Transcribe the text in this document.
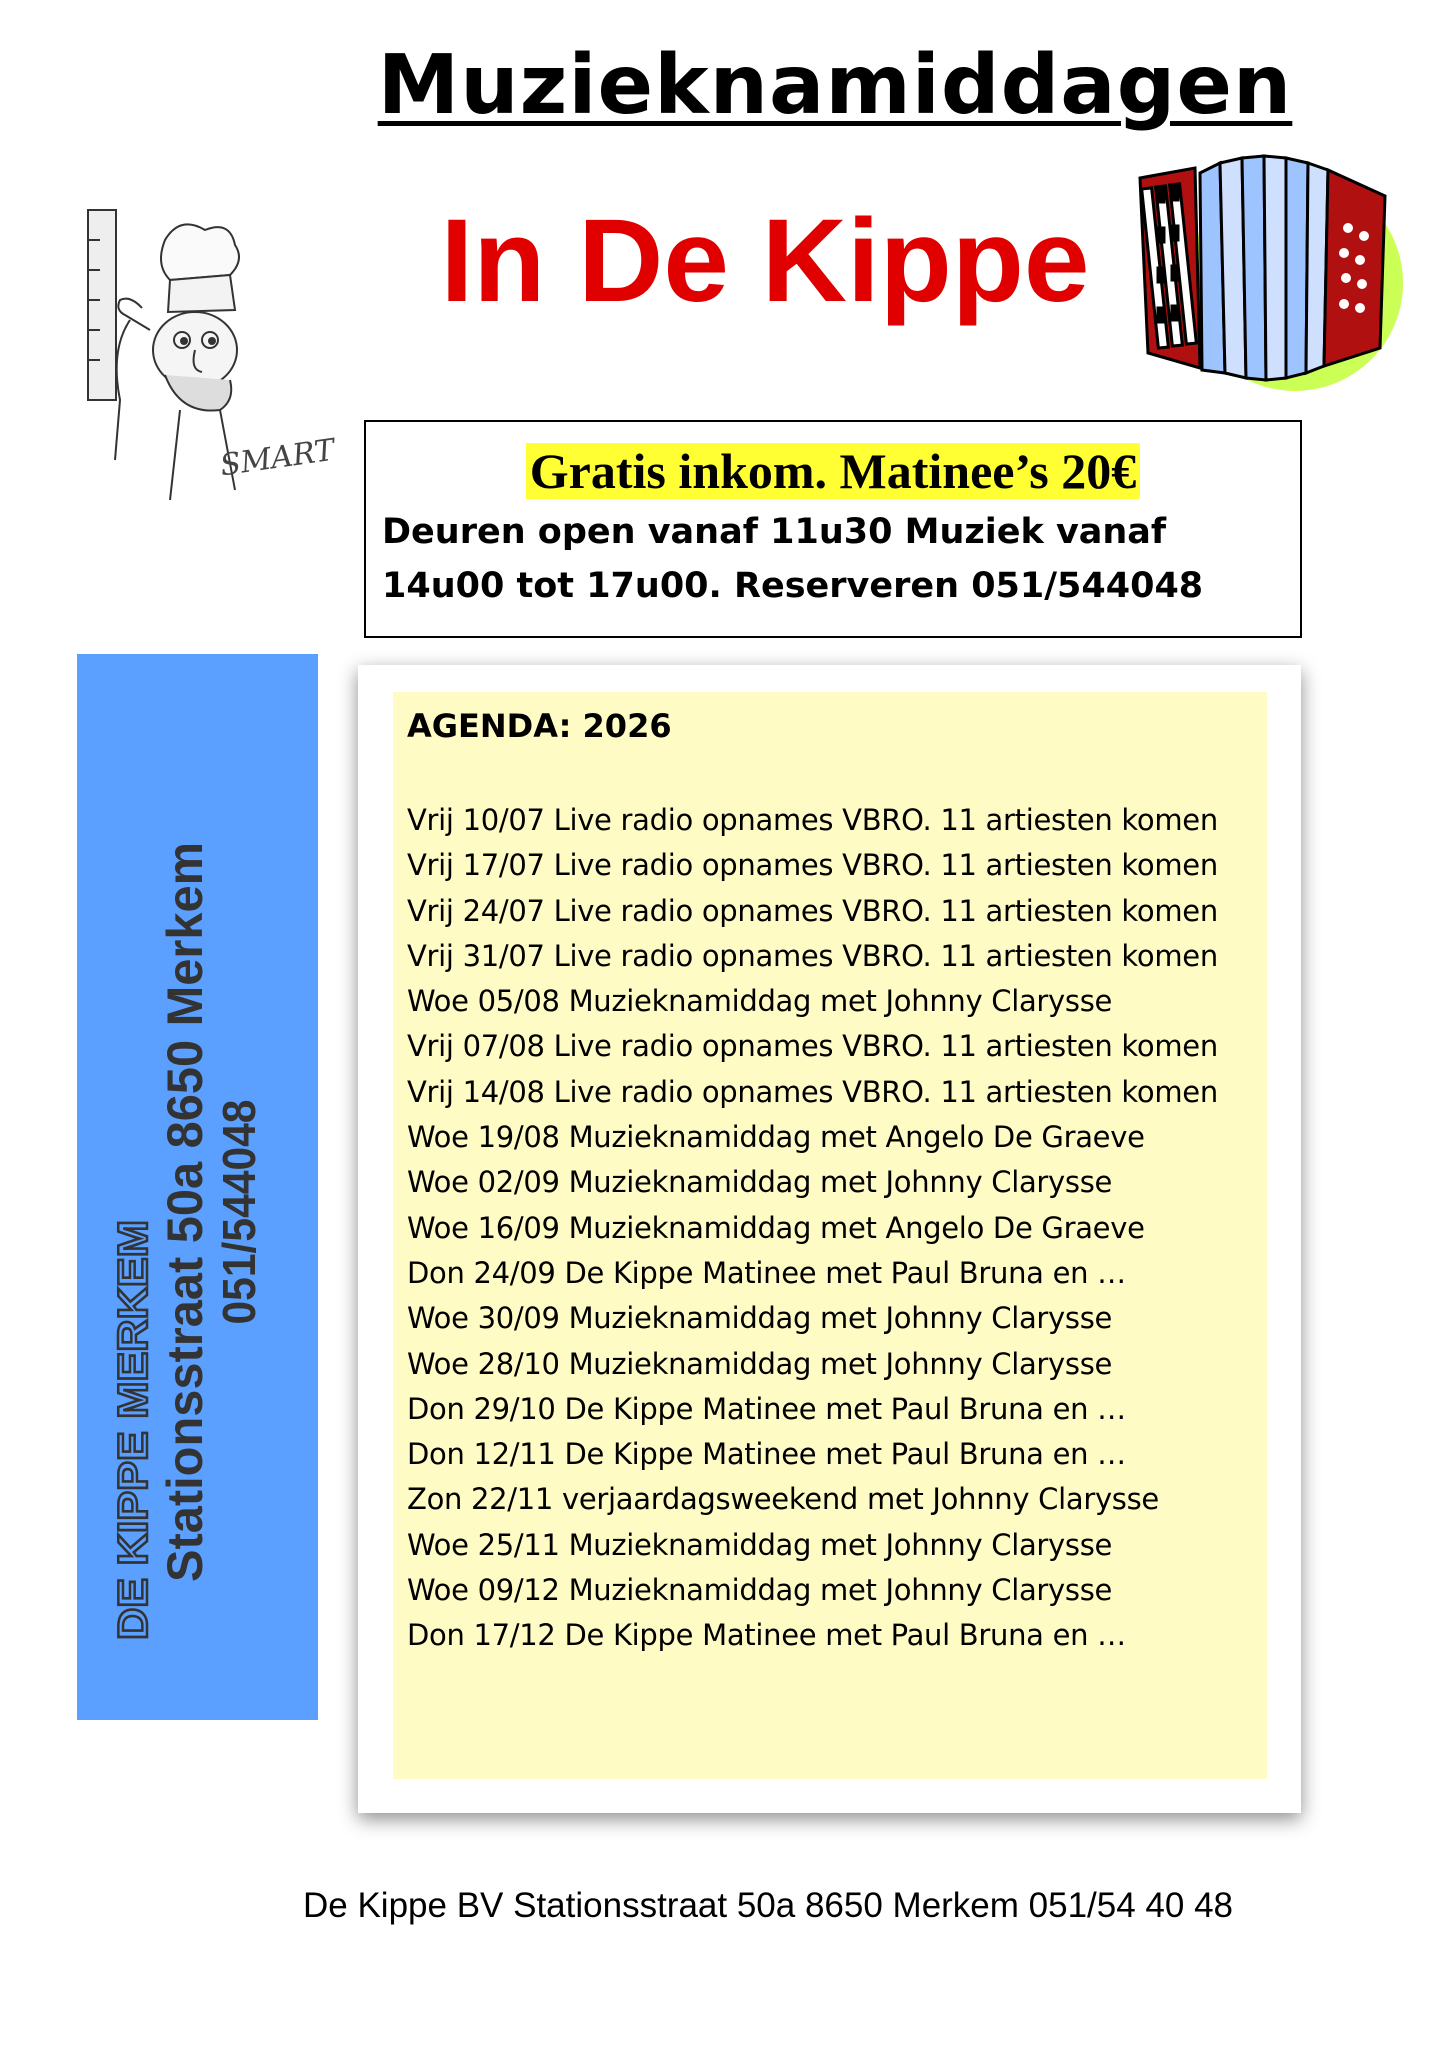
Muzieknamiddagen
In De Kippe
SMART	Gratis inkom. Matinee’s 20€
Deuren open vanaf 11u30 Muziek vanaf
14u00 tot 17u00. Reserveren 051/544048
DE KIPPE MERKEM Stationsstraat 50a 8650 Merkem 051/544048
AGENDA: 2026
Vrij 10/07 Live radio opnames VBRO. 11 artiesten komen
Vrij 17/07 Live radio opnames VBRO. 11 artiesten komen
Vrij 24/07 Live radio opnames VBRO. 11 artiesten komen
Vrij 31/07 Live radio opnames VBRO. 11 artiesten komen
Woe 05/08 Muzieknamiddag met Johnny Clarysse
Vrij 07/08 Live radio opnames VBRO. 11 artiesten komen
Vrij 14/08 Live radio opnames VBRO. 11 artiesten komen
Woe 19/08 Muzieknamiddag met Angelo De Graeve
Woe 02/09 Muzieknamiddag met Johnny Clarysse
Woe 16/09 Muzieknamiddag met Angelo De Graeve
Don 24/09 De Kippe Matinee met Paul Bruna en …
Woe 30/09 Muzieknamiddag met Johnny Clarysse
Woe 28/10 Muzieknamiddag met Johnny Clarysse
Don 29/10 De Kippe Matinee met Paul Bruna en …
Don 12/11 De Kippe Matinee met Paul Bruna en …
Zon 22/11 verjaardagsweekend met Johnny Clarysse
Woe 25/11 Muzieknamiddag met Johnny Clarysse
Woe 09/12 Muzieknamiddag met Johnny Clarysse
Don 17/12 De Kippe Matinee met Paul Bruna en …
De Kippe BV Stationsstraat 50a 8650 Merkem 051/54 40 48
